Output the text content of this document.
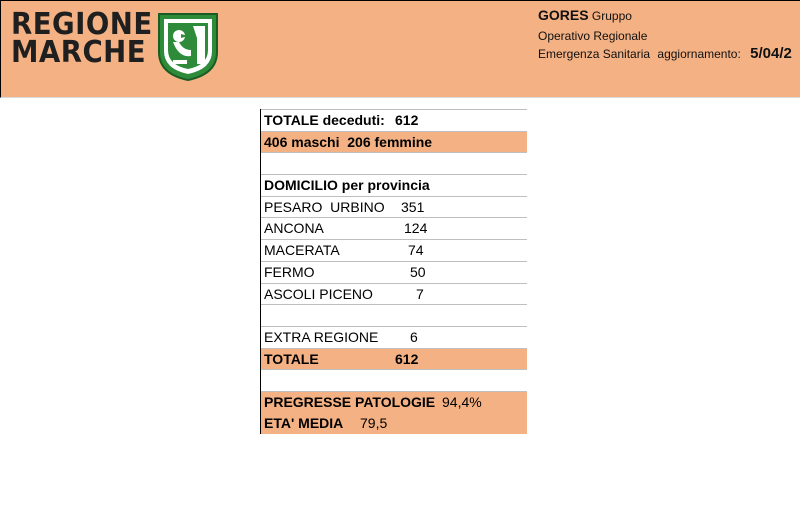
REGIONE
MARCHE
GORES Gruppo
Operativo Regionale
Emergenza Sanitaria aggiornamento: 5/04/2
TOTALE deceduti: 612
406 maschi  206 femmine
DOMICILIO per provincia
PESARO  URBINO 351
ANCONA	124
MACERATA	74
FERMO	50
ASCOLI PICENO	7
EXTRA REGIONE 6
TOTALE	612
PREGRESSE PATOLOGIE 94,4%
ETA' MEDIA 79,5
